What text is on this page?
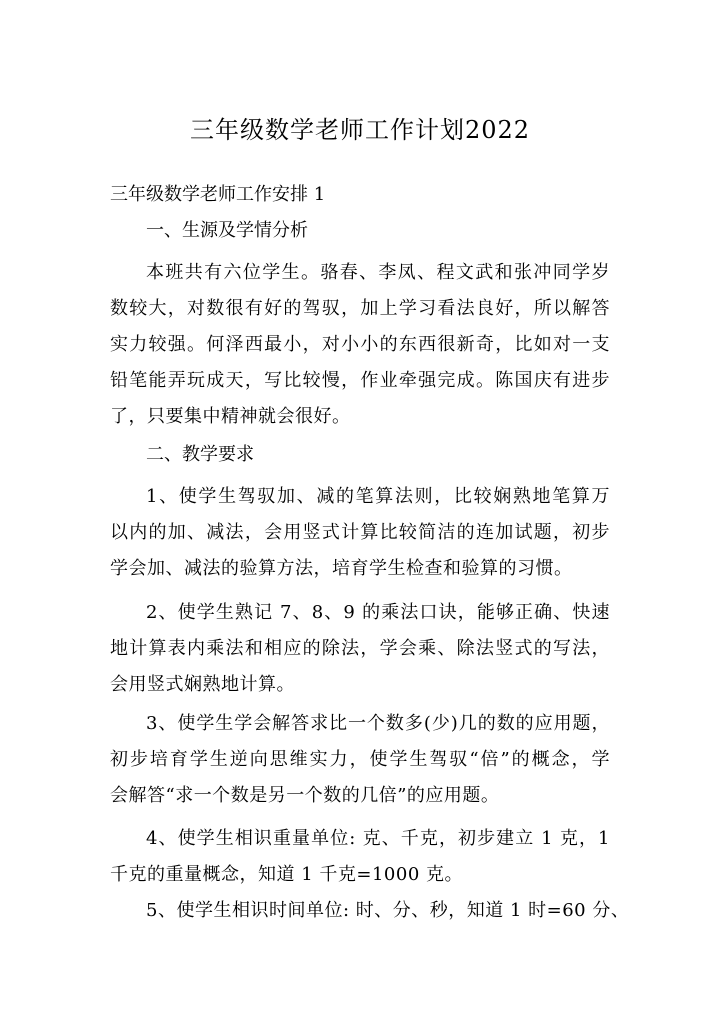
三年级数学老师工作计划2022

三年级数学老师工作安排 1

一、生源及学情分析

本班共有六位学生。骆春、李凤、程文武和张冲同学岁
数较大，对数很有好的驾驭，加上学习看法良好，所以解答
实力较强。何泽西最小，对小小的东西很新奇，比如对一支
铅笔能弄玩成天，写比较慢，作业牵强完成。陈国庆有进步
了，只要集中精神就会很好。

二、教学要求

1、使学生驾驭加、减的笔算法则，比较娴熟地笔算万
以内的加、减法，会用竖式计算比较简洁的连加试题，初步
学会加、减法的验算方法，培育学生检查和验算的习惯。
2、使学生熟记 7、8、9 的乘法口诀，能够正确、快速
地计算表内乘法和相应的除法，学会乘、除法竖式的写法，
会用竖式娴熟地计算。
3、使学生学会解答求比一个数多(少)几的数的应用题，
初步培育学生逆向思维实力，使学生驾驭“倍”的概念，学
会解答“求一个数是另一个数的几倍”的应用题。
4、使学生相识重量单位: 克、千克，初步建立 1 克，1
千克的重量概念，知道 1 千克=1000 克。
5、使学生相识时间单位: 时、分、秒，知道 1 时=60 分、
